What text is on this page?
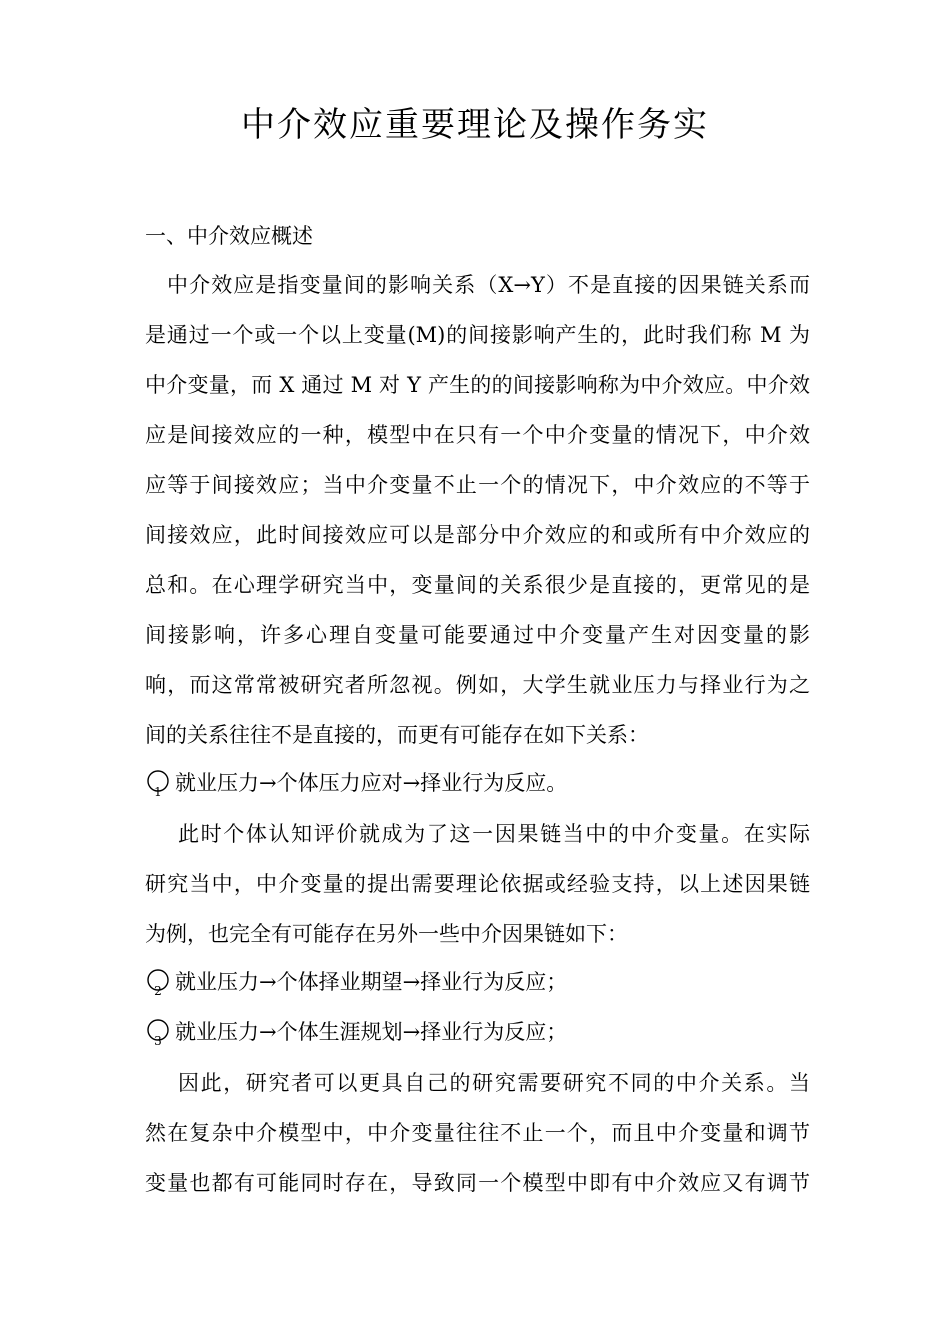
中介效应重要理论及操作务实
一、中介效应概述
中介效应是指变量间的影响关系（X→Y）不是直接的因果链关系而
是通过一个或一个以上变量(M)的间接影响产生的，此时我们称 M 为
中介变量，而 X 通过 M 对 Y 产生的的间接影响称为中介效应。中介效
应是间接效应的一种，模型中在只有一个中介变量的情况下，中介效
应等于间接效应；当中介变量不止一个的情况下，中介效应的不等于
间接效应，此时间接效应可以是部分中介效应的和或所有中介效应的
总和。在心理学研究当中，变量间的关系很少是直接的，更常见的是
间接影响，许多心理自变量可能要通过中介变量产生对因变量的影
响，而这常常被研究者所忽视。例如，大学生就业压力与择业行为之
间的关系往往不是直接的，而更有可能存在如下关系：
1 就业压力→个体压力应对→择业行为反应。
此时个体认知评价就成为了这一因果链当中的中介变量。在实际
研究当中，中介变量的提出需要理论依据或经验支持，以上述因果链
为例，也完全有可能存在另外一些中介因果链如下：
2 就业压力→个体择业期望→择业行为反应；
3 就业压力→个体生涯规划→择业行为反应；
因此，研究者可以更具自己的研究需要研究不同的中介关系。当
然在复杂中介模型中，中介变量往往不止一个，而且中介变量和调节
变量也都有可能同时存在，导致同一个模型中即有中介效应又有调节
